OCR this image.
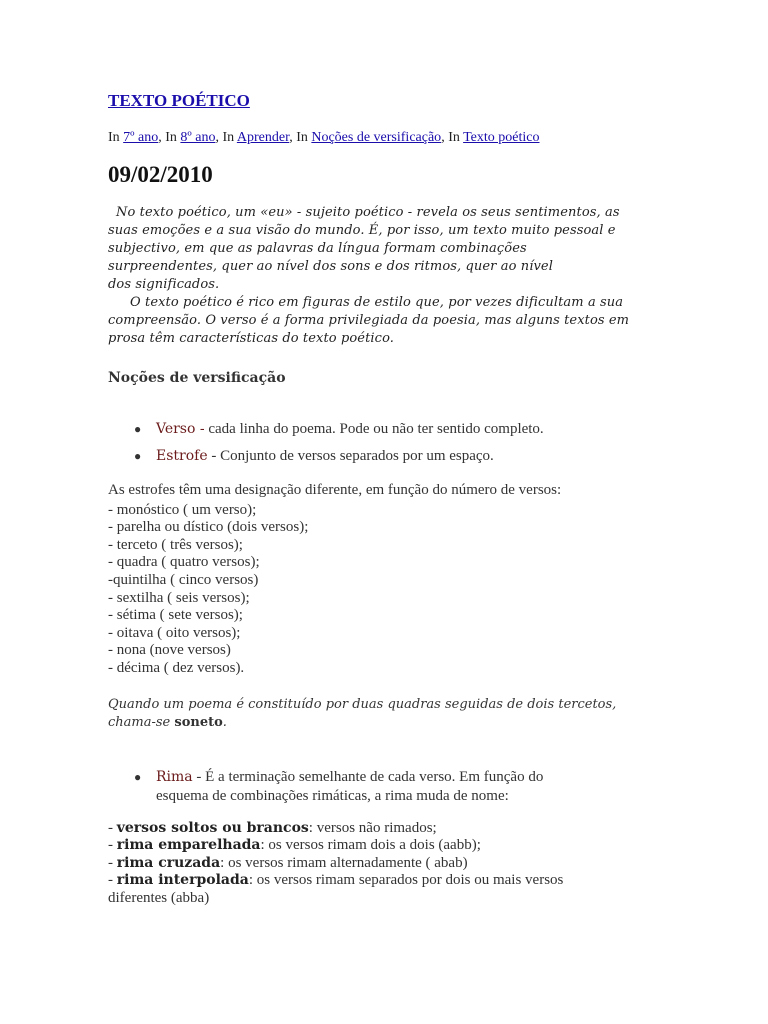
TEXTO POÉTICO
In 7º ano, In 8º ano, In Aprender, In Noções de versificação, In Texto poético
09/02/2010

No texto poético, um «eu» - sujeito poético - revela os seus sentimentos, as
suas emoções e a sua visão do mundo. É, por isso, um texto muito pessoal e
subjectivo, em que as palavras da língua formam combinações
surpreendentes, quer ao nível dos sons e dos ritmos, quer ao nível
dos significados.

O texto poético é rico em figuras de estilo que, por vezes dificultam a sua
compreensão. O verso é a forma privilegiada da poesia, mas alguns textos em
prosa têm características do texto poético.

Noções de versificação
● Verso - cada linha do poema. Pode ou não ter sentido completo.
● Estrofe - Conjunto de versos separados por um espaço.
As estrofes têm uma designação diferente, em função do número de versos:
- monóstico ( um verso);
- parelha ou dístico (dois versos);
- terceto ( três versos);
- quadra ( quatro versos);
-quintilha ( cinco versos)
- sextilha ( seis versos);
- sétima ( sete versos);
- oitava ( oito versos);
- nona (nove versos)
- décima ( dez versos).
Quando um poema é constituído por duas quadras seguidas de dois tercetos,
chama-se soneto.
● Rima - É a terminação semelhante de cada verso. Em função do
esquema de combinações rimáticas, a rima muda de nome:
- versos soltos ou brancos: versos não rimados;
- rima emparelhada: os versos rimam dois a dois (aabb);
- rima cruzada: os versos rimam alternadamente ( abab)
- rima interpolada: os versos rimam separados por dois ou mais versos
diferentes (abba)
